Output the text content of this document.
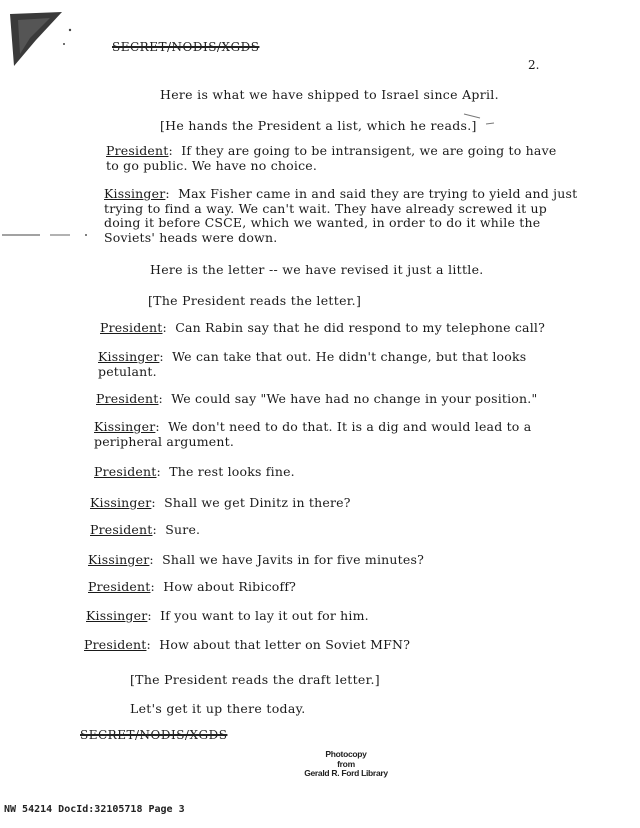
SECRET/NODIS/XGDS
2.
Here is what we have shipped to Israel since April.
[He hands the President a list, which he reads.]
President:  If they are going to be intransigent, we are going to have to go public. We have no choice.
Kissinger:  Max Fisher came in and said they are trying to yield and just trying to find a way. We can't wait. They have already screwed it up doing it before CSCE, which we wanted, in order to do it while the Soviets' heads were down.
Here is the letter -- we have revised it just a little.
[The President reads the letter.]
President:  Can Rabin say that he did respond to my telephone call?
Kissinger:  We can take that out. He didn't change, but that looks petulant.
President:  We could say "We have had no change in your position."
Kissinger:  We don't need to do that. It is a dig and would lead to a peripheral argument.
President:  The rest looks fine.
Kissinger:  Shall we get Dinitz in there?
President:  Sure.
Kissinger:  Shall we have Javits in for five minutes?
President:  How about Ribicoff?
Kissinger:  If you want to lay it out for him.
President:  How about that letter on Soviet MFN?
[The President reads the draft letter.]
Let's get it up there today.
SECRET/NODIS/XGDS
Photocopy
from
Gerald R. Ford Library
NW 54214 DocId:32105718 Page 3
